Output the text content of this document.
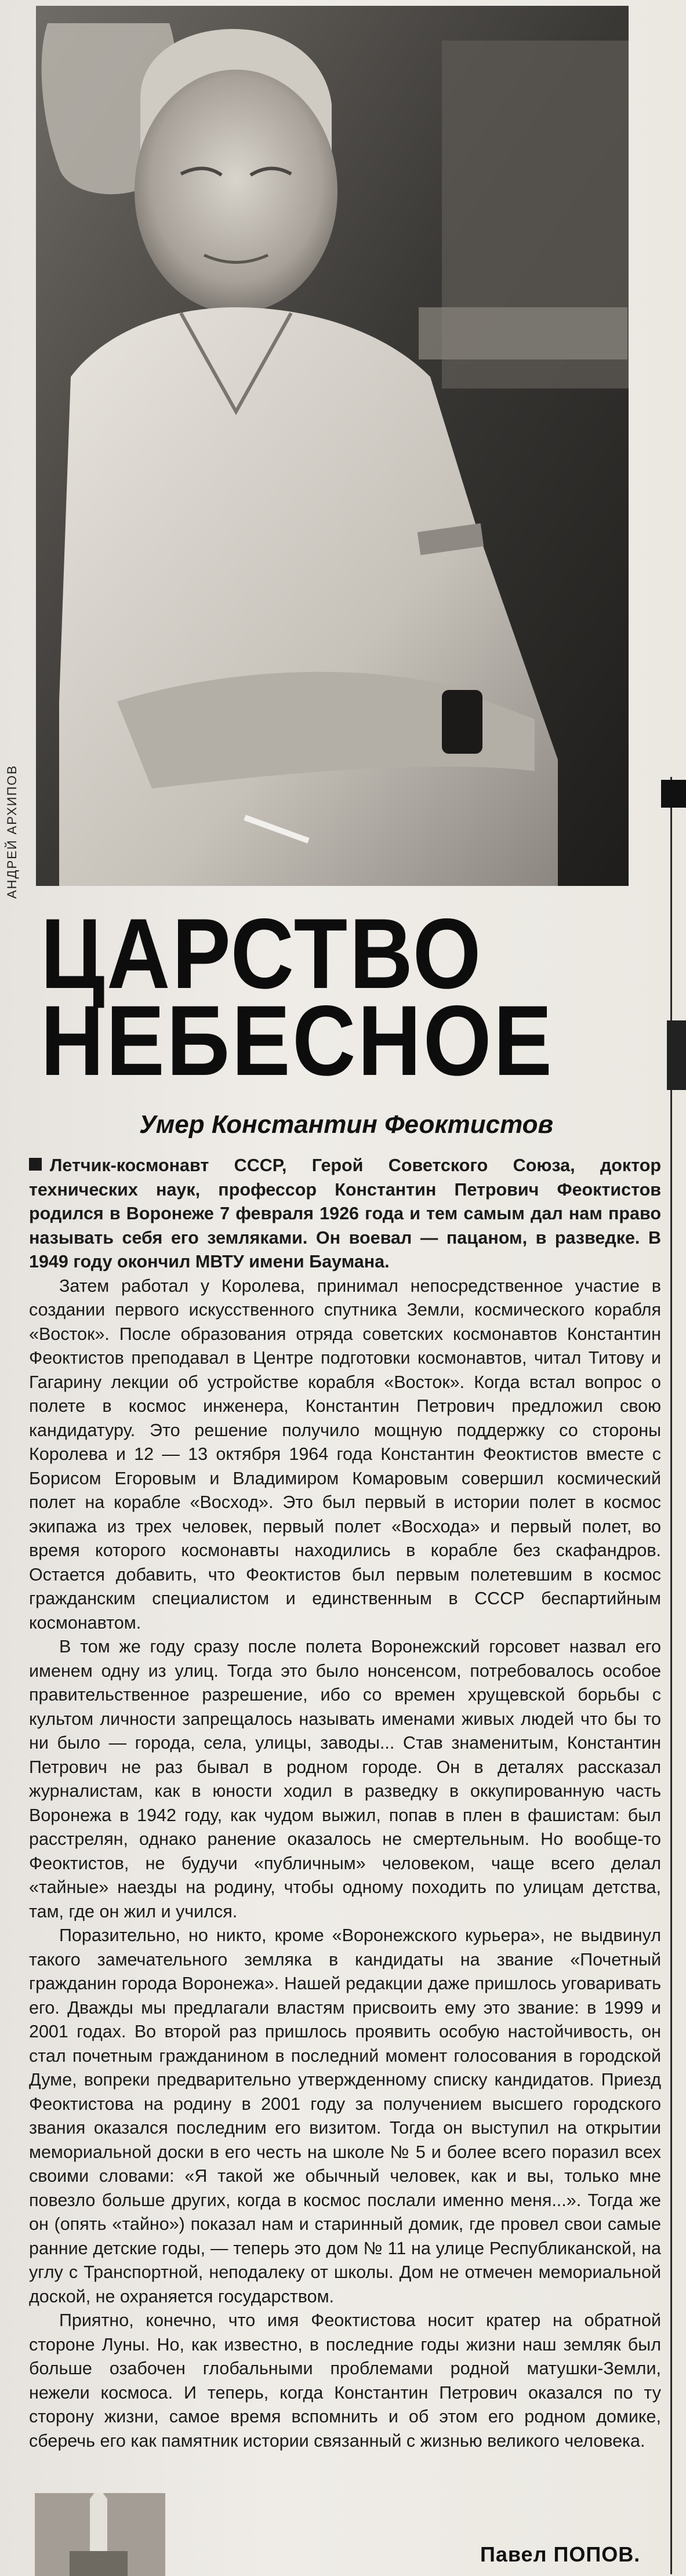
АНДРЕЙ АРХИПОВ
ЦАРСТВО
НЕБЕСНОЕ
Умер Константин Феоктистов

Летчик-космонавт СССР, Герой Советского Союза, доктор технических наук, профессор Константин Петрович Феоктистов родился в Воронеже 7 февраля 1926 года и тем самым дал нам право называть себя его земляками. Он воевал — пацаном, в разведке. В 1949 году окончил МВТУ имени Баумана.

Затем работал у Королева, принимал непосредственное участие в создании первого искусственного спутника Земли, космического корабля «Восток». После образования отряда советских космонавтов Константин Феоктистов преподавал в Центре подготовки космонавтов, читал Титову и Гагарину лекции об устройстве корабля «Восток». Когда встал вопрос о полете в космос инженера, Константин Петрович предложил свою кандидатуру. Это решение получило мощную поддержку со стороны Королева и 12 — 13 октября 1964 года Константин Феоктистов вместе с Борисом Егоровым и Владимиром Комаровым совершил космический полет на корабле «Восход». Это был первый в истории полет в космос экипажа из трех человек, первый полет «Восхода» и первый полет, во время которого космонавты находились в корабле без скафандров. Остается добавить, что Феоктистов был первым полетевшим в космос гражданским специалистом и единственным в СССР беспартийным космонавтом.

В том же году сразу после полета Воронежский горсовет назвал его именем одну из улиц. Тогда это было нонсенсом, потребовалось особое правительственное разрешение, ибо со времен хрущевской борьбы с культом личности запрещалось называть именами живых людей что бы то ни было — города, села, улицы, заводы... Став знаменитым, Константин Петрович не раз бывал в родном городе. Он в деталях рассказал журналистам, как в юности ходил в разведку в оккупированную часть Воронежа в 1942 году, как чудом выжил, попав в плен в фашистам: был расстрелян, однако ранение оказалось не смертельным. Но вообще-то Феоктистов, не будучи «публичным» человеком, чаще всего делал «тайные» наезды на родину, чтобы одному походить по улицам детства, там, где он жил и учился.

Поразительно, но никто, кроме «Воронежского курьера», не выдвинул такого замечательного земляка в кандидаты на звание «Почетный гражданин города Воронежа». Нашей редакции даже пришлось уговаривать его. Дважды мы предлагали властям присвоить ему это звание: в 1999 и 2001 годах. Во второй раз пришлось проявить особую настойчивость, он стал почетным гражданином в последний момент голосования в городской Думе, вопреки предварительно утвержденному списку кандидатов. Приезд Феоктистова на родину в 2001 году за получением высшего городского звания оказался последним его визитом. Тогда он выступил на открытии мемориальной доски в его честь на школе № 5 и более всего поразил всех своими словами: «Я такой же обычный человек, как и вы, только мне повезло больше других, когда в космос послали именно меня...». Тогда же он (опять «тайно») показал нам и старинный домик, где провел свои самые ранние детские годы, — теперь это дом № 11 на улице Республиканской, на углу с Транспортной, неподалеку от школы. Дом не отмечен мемориальной доской, не охраняется государством.

Приятно, конечно, что имя Феоктистова носит кратер на обратной стороне Луны. Но, как известно, в последние годы жизни наш земляк был больше озабочен глобальными проблемами родной матушки-Земли, нежели космоса. И теперь, когда Константин Петрович оказался по ту сторону жизни, самое время вспомнить и об этом его родном домике, сберечь его как памятник истории связанный с жизнью великого человека.

Павел ПОПОВ.
